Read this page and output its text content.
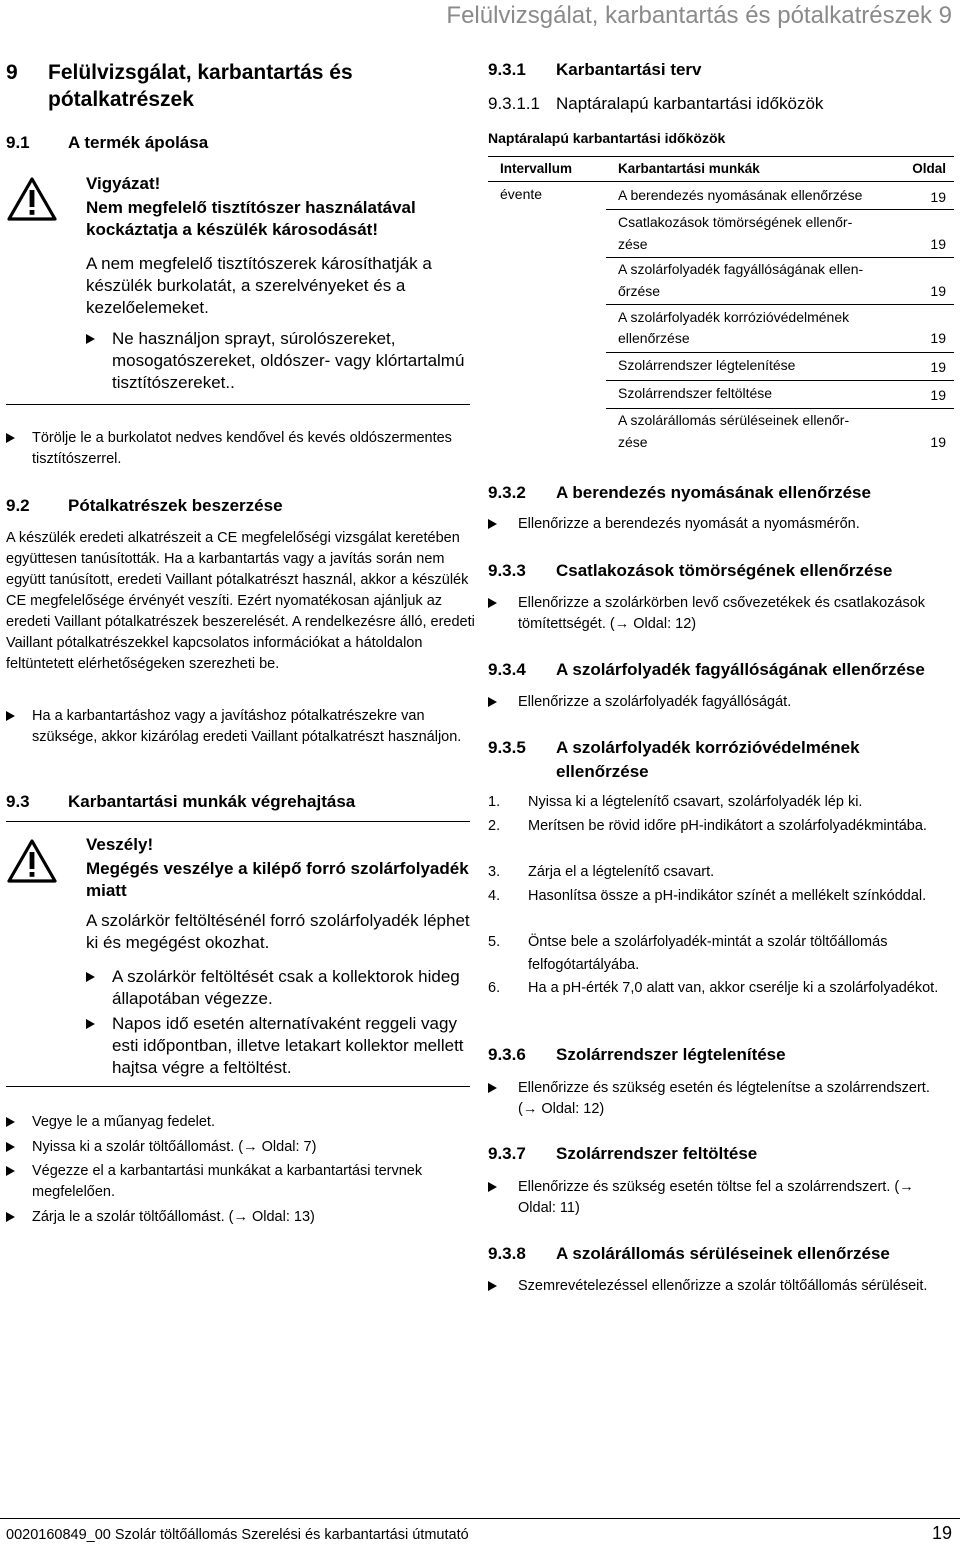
Felülvizsgálat, karbantartás és pótalkatrészek 9
9 Felülvizsgálat, karbantartás és pótalkatrészek
9.1 A termék ápolása
Vigyázat!
Nem megfelelő tisztítószer használatával kockáztatja a készülék károsodását!
A nem megfelelő tisztítószerek károsíthatják a készülék burkolatát, a szerelvényeket és a kezelőelemeket.
Ne használjon sprayt, súrolószereket, mosogatószereket, oldószer- vagy klórtartalmú tisztítószereket..
Törölje le a burkolatot nedves kendővel és kevés oldószermentes tisztítószerrel.
9.2 Pótalkatrészek beszerzése
A készülék eredeti alkatrészeit a CE megfelelőségi vizsgálat keretében együttesen tanúsították. Ha a karbantartás vagy a javítás során nem együtt tanúsított, eredeti Vaillant pótalkatrészt használ, akkor a készülék CE megfelelősége érvényét veszíti. Ezért nyomatékosan ajánljuk az eredeti Vaillant pótalkatrészek beszerelését. A rendelkezésre álló, eredeti Vaillant pótalkatrészekkel kapcsolatos információkat a hátoldalon feltüntetett elérhetőségeken szerezheti be.
Ha a karbantartáshoz vagy a javításhoz pótalkatrészekre van szüksége, akkor kizárólag eredeti Vaillant pótalkatrészt használjon.
9.3 Karbantartási munkák végrehajtása
Veszély!
Megégés veszélye a kilépő forró szolárfolyadék miatt
A szolárkör feltöltésénél forró szolárfolyadék léphet ki és megégést okozhat.
A szolárkör feltöltését csak a kollektorok hideg állapotában végezze.
Napos idő esetén alternatívaként reggeli vagy esti időpontban, illetve letakart kollektor mellett hajtsa végre a feltöltést.
Vegye le a műanyag fedelet.
Nyissa ki a szolár töltőállomást. (→ Oldal: 7)
Végezze el a karbantartási munkákat a karbantartási tervnek megfelelően.
Zárja le a szolár töltőállomást. (→ Oldal: 13)
9.3.1 Karbantartási terv
9.3.1.1 Naptáralapú karbantartási időközök
Naptáralapú karbantartási időközök
Intervallum	Karbantartási munkák	Oldal
évente	A berendezés nyomásának ellenőrzése	19
Csatlakozások tömörségének ellenőr-
zése	19
A szolárfolyadék fagyállóságának ellen-
őrzése	19
A szolárfolyadék korrózióvédelmének
ellenőrzése	19
Szolárrendszer légtelenítése	19
Szolárrendszer feltöltése	19
A szolárállomás sérüléseinek ellenőr-
zése	19
9.3.2 A berendezés nyomásának ellenőrzése
Ellenőrizze a berendezés nyomását a nyomásmérőn.
9.3.3 Csatlakozások tömörségének ellenőrzése
Ellenőrizze a szolárkörben levő csővezetékek és csatlakozások tömítettségét. (→ Oldal: 12)
9.3.4 A szolárfolyadék fagyállóságának ellenőrzése
Ellenőrizze a szolárfolyadék fagyállóságát.
9.3.5 A szolárfolyadék korrózióvédelmének ellenőrzése
1. Nyissa ki a légtelenítő csavart, szolárfolyadék lép ki.
2. Merítsen be rövid időre pH-indikátort a szolárfolyadékmintába.
3. Zárja el a légtelenítő csavart.
4. Hasonlítsa össze a pH-indikátor színét a mellékelt színkóddal.
5. Öntse bele a szolárfolyadék-mintát a szolár töltőállomás felfogótartályába.
6. Ha a pH-érték 7,0 alatt van, akkor cserélje ki a szolárfolyadékot.
9.3.6 Szolárrendszer légtelenítése
Ellenőrizze és szükség esetén és légtelenítse a szolárrendszert. (→ Oldal: 12)
9.3.7 Szolárrendszer feltöltése
Ellenőrizze és szükség esetén töltse fel a szolárrendszert. (→ Oldal: 11)
9.3.8 A szolárállomás sérüléseinek ellenőrzése
Szemrevételezéssel ellenőrizze a szolár töltőállomás sérüléseit.
0020160849_00 Szolár töltőállomás Szerelési és karbantartási útmutató	19
